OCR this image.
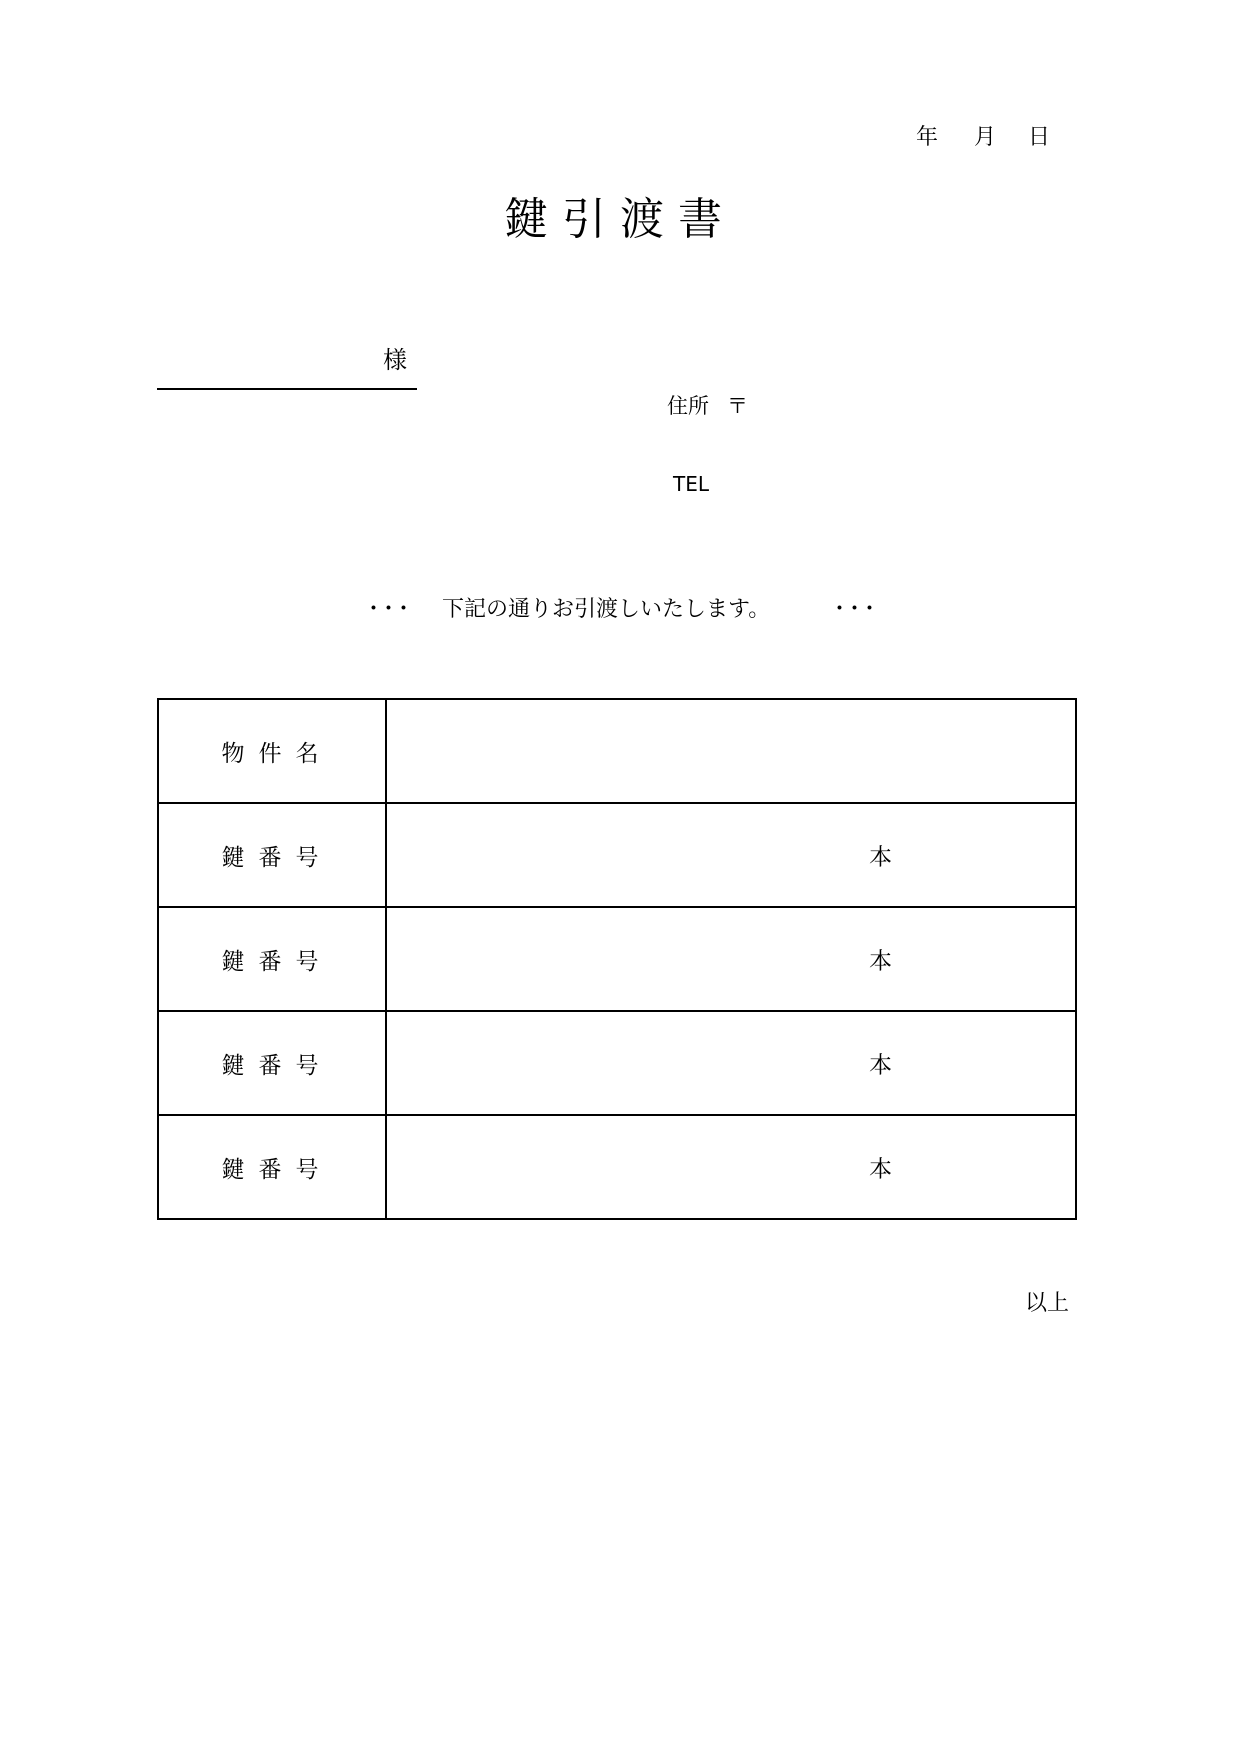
年 月 日
鍵引渡書
様
住所 〒
TEL
･･･ 下記の通りお引渡しいたします。	･･･
物件名	
鍵番号	本

鍵番号	本

鍵番号	本

鍵番号	本
以上
